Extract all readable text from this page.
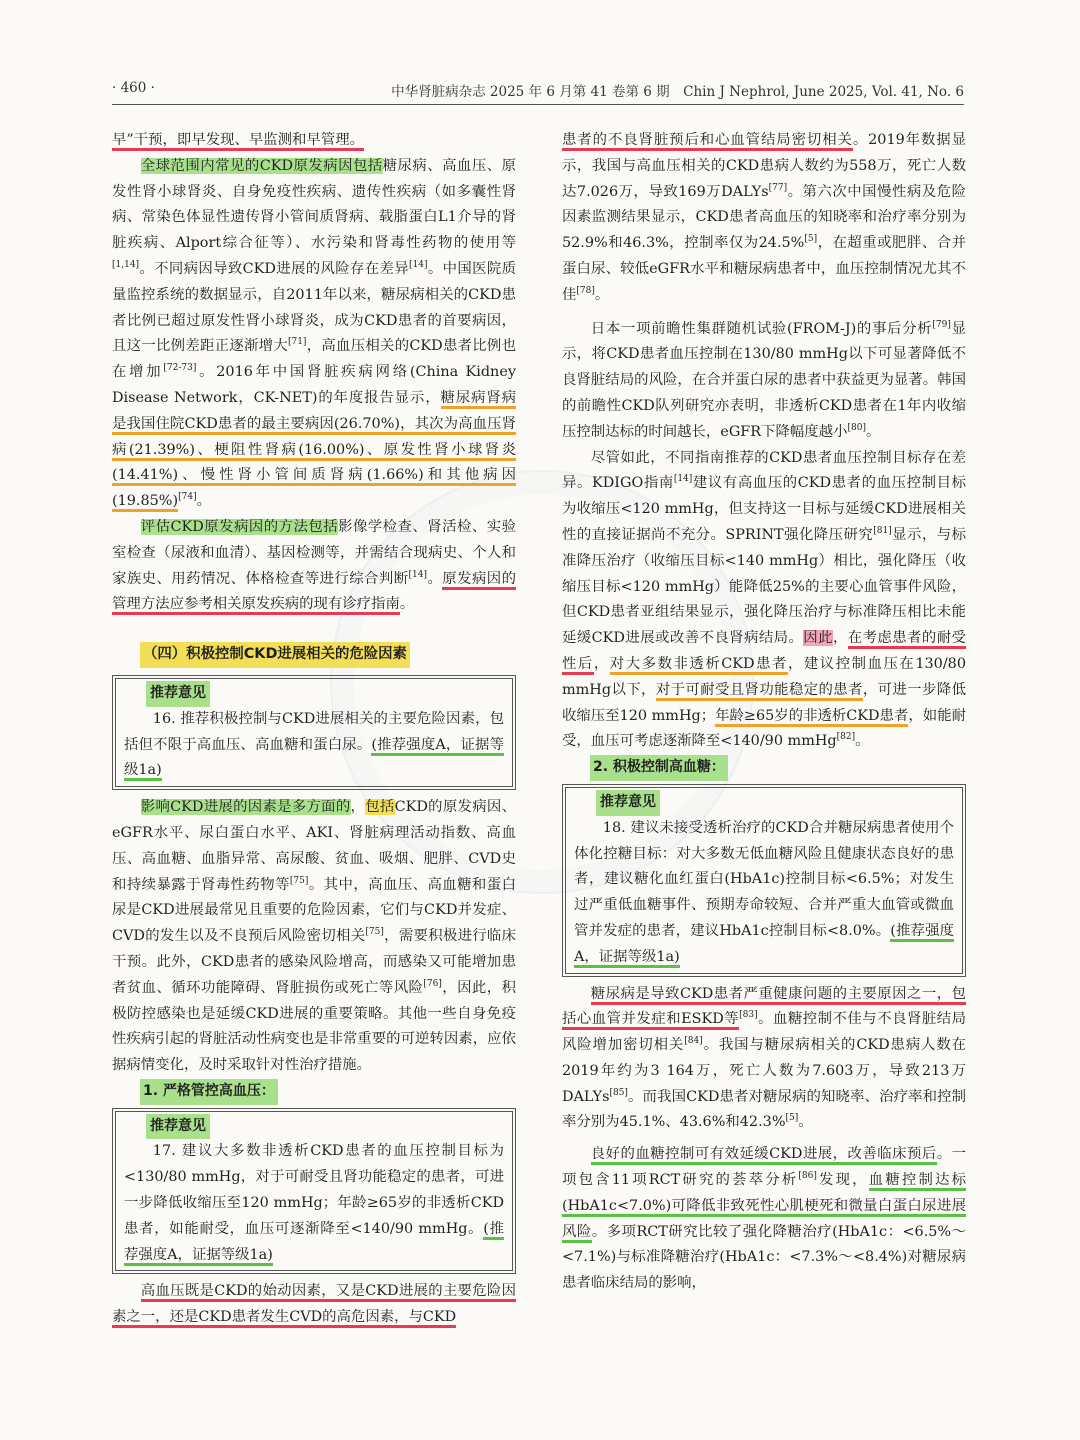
· 460 ·	中华肾脏病杂志 2025 年 6 月第 41 卷第 6 期　Chin J Nephrol, June 2025, Vol. 41, No. 6

早”干预，即早发现、早监测和早管理。

全球范围内常见的CKD原发病因包括糖尿病、高血压、原发性肾小球肾炎、自身免疫性疾病、遗传性疾病（如多囊性肾病、常染色体显性遗传肾小管间质肾病、载脂蛋白L1介导的肾脏疾病、Alport综合征等）、水污染和肾毒性药物的使用等[1,14]。不同病因导致CKD进展的风险存在差异[14]。中国医院质量监控系统的数据显示，自2011年以来，糖尿病相关的CKD患者比例已超过原发性肾小球肾炎，成为CKD患者的首要病因，且这一比例差距正逐渐增大[71]，高血压相关的CKD患者比例也在增加[72-73]。2016年中国肾脏疾病网络(China Kidney Disease Network，CK-NET)的年度报告显示，糖尿病肾病是我国住院CKD患者的最主要病因(26.70%)，其次为高血压肾病(21.39%)、梗阻性肾病(16.00%)、原发性肾小球肾炎(14.41%)、慢性肾小管间质肾病(1.66%)和其他病因(19.85%)[74]。

评估CKD原发病因的方法包括影像学检查、肾活检、实验室检查（尿液和血清）、基因检测等，并需结合现病史、个人和家族史、用药情况、体格检查等进行综合判断[14]。原发病因的管理方法应参考相关原发疾病的现有诊疗指南。

（四）积极控制CKD进展相关的危险因素
推荐意见

16. 推荐积极控制与CKD进展相关的主要危险因素，包括但不限于高血压、高血糖和蛋白尿。(推荐强度A，证据等级1a)

影响CKD进展的因素是多方面的，包括CKD的原发病因、eGFR水平、尿白蛋白水平、AKI、肾脏病理活动指数、高血压、高血糖、血脂异常、高尿酸、贫血、吸烟、肥胖、CVD史和持续暴露于肾毒性药物等[75]。其中，高血压、高血糖和蛋白尿是CKD进展最常见且重要的危险因素，它们与CKD并发症、CVD的发生以及不良预后风险密切相关[75]，需要积极进行临床干预。此外，CKD患者的感染风险增高，而感染又可能增加患者贫血、循环功能障碍、肾脏损伤或死亡等风险[76]，因此，积极防控感染也是延缓CKD进展的重要策略。其他一些自身免疫性疾病引起的肾脏活动性病变也是非常重要的可逆转因素，应依据病情变化，及时采取针对性治疗措施。

1. 严格管控高血压：
推荐意见

17. 建议大多数非透析CKD患者的血压控制目标为<130/80 mmHg，对于可耐受且肾功能稳定的患者，可进一步降低收缩压至120 mmHg；年龄≥65岁的非透析CKD患者，如能耐受，血压可逐渐降至<140/90 mmHg。(推荐强度A，证据等级1a)

高血压既是CKD的始动因素，又是CKD进展的主要危险因素之一，还是CKD患者发生CVD的高危因素，与CKD

患者的不良肾脏预后和心血管结局密切相关。2019年数据显示，我国与高血压相关的CKD患病人数约为558万，死亡人数达7.026万，导致169万DALYs[77]。第六次中国慢性病及危险因素监测结果显示，CKD患者高血压的知晓率和治疗率分别为52.9%和46.3%，控制率仅为24.5%[5]，在超重或肥胖、合并蛋白尿、较低eGFR水平和糖尿病患者中，血压控制情况尤其不佳[78]。

日本一项前瞻性集群随机试验(FROM-J)的事后分析[79]显示，将CKD患者血压控制在130/80 mmHg以下可显著降低不良肾脏结局的风险，在合并蛋白尿的患者中获益更为显著。韩国的前瞻性CKD队列研究亦表明，非透析CKD患者在1年内收缩压控制达标的时间越长，eGFR下降幅度越小[80]。

尽管如此，不同指南推荐的CKD患者血压控制目标存在差异。KDIGO指南[14]建议有高血压的CKD患者的血压控制目标为收缩压<120 mmHg，但支持这一目标与延缓CKD进展相关性的直接证据尚不充分。SPRINT强化降压研究[81]显示，与标准降压治疗（收缩压目标<140 mmHg）相比，强化降压（收缩压目标<120 mmHg）能降低25%的主要心血管事件风险，但CKD患者亚组结果显示，强化降压治疗与标准降压相比未能延缓CKD进展或改善不良肾病结局。因此，在考虑患者的耐受性后，对大多数非透析CKD患者，建议控制血压在130/80 mmHg以下，对于可耐受且肾功能稳定的患者，可进一步降低收缩压至120 mmHg；年龄≥65岁的非透析CKD患者，如能耐受，血压可考虑逐渐降至<140/90 mmHg[82]。

2. 积极控制高血糖：
推荐意见

18. 建议未接受透析治疗的CKD合并糖尿病患者使用个体化控糖目标：对大多数无低血糖风险且健康状态良好的患者，建议糖化血红蛋白(HbA1c)控制目标<6.5%；对发生过严重低血糖事件、预期寿命较短、合并严重大血管或微血管并发症的患者，建议HbA1c控制目标<8.0%。(推荐强度A，证据等级1a)

糖尿病是导致CKD患者严重健康问题的主要原因之一，包括心血管并发症和ESKD等[83]。血糖控制不佳与不良肾脏结局风险增加密切相关[84]。我国与糖尿病相关的CKD患病人数在2019年约为3 164万，死亡人数为7.603万，导致213万DALYs[85]。而我国CKD患者对糖尿病的知晓率、治疗率和控制率分别为45.1%、43.6%和42.3%[5]。

良好的血糖控制可有效延缓CKD进展，改善临床预后。一项包含11项RCT研究的荟萃分析[86]发现，血糖控制达标(HbA1c<7.0%)可降低非致死性心肌梗死和微量白蛋白尿进展风险。多项RCT研究比较了强化降糖治疗(HbA1c：<6.5%～<7.1%)与标准降糖治疗(HbA1c：<7.3%～<8.4%)对糖尿病患者临床结局的影响，
